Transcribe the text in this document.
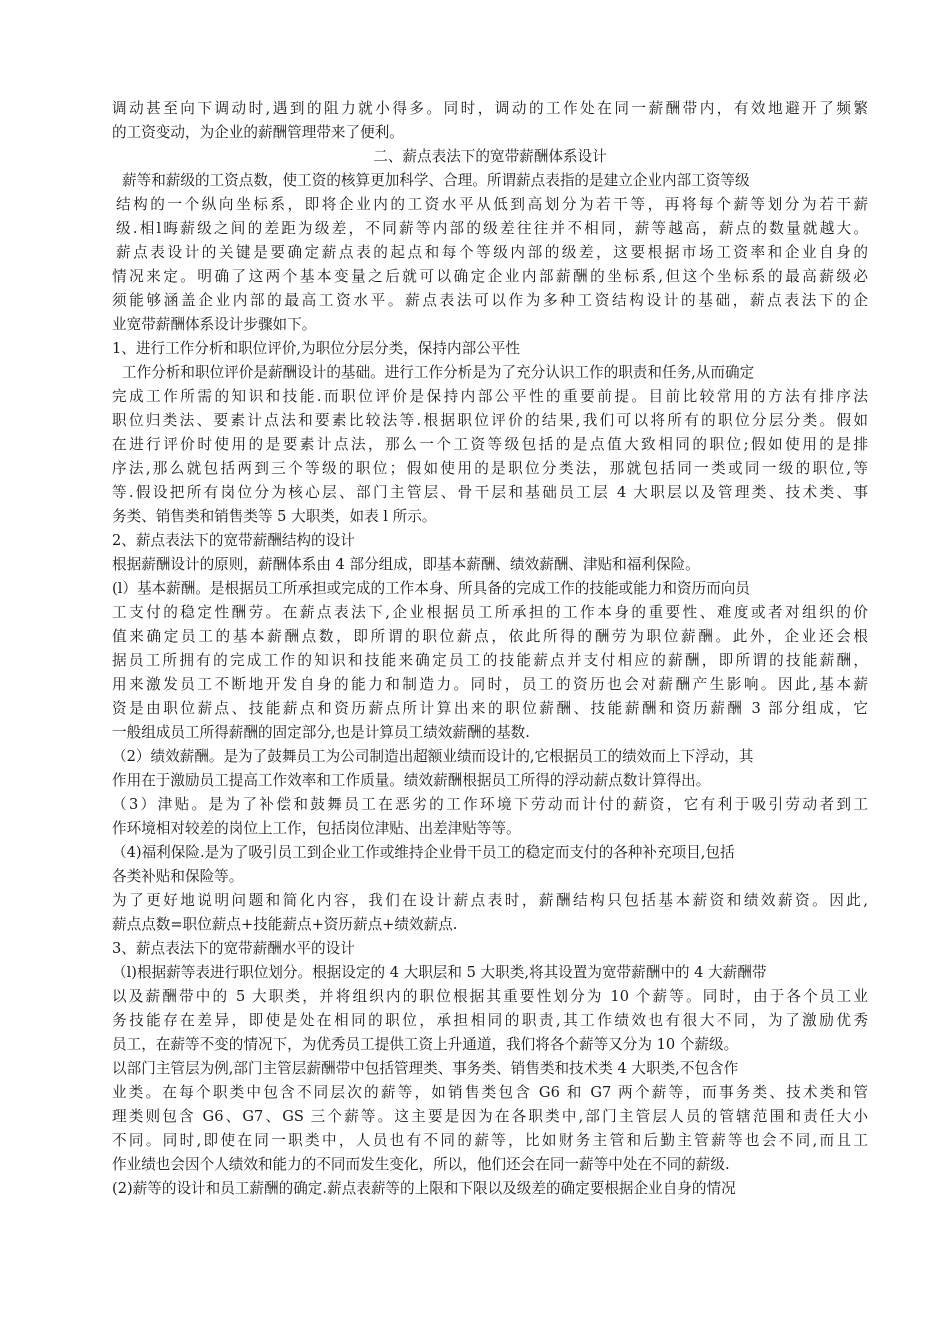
调动甚至向下调动时,遇到的阻力就小得多。同时，调动的工作处在同一薪酬带内，有效地避开了频繁
的工资变动，为企业的薪酬管理带来了便利。
二、薪点表法下的宽带薪酬体系设计
薪等和薪级的工资点数，使工资的核算更加科学、合理。所谓薪点表指的是建立企业内部工资等级
结构的一个纵向坐标系，即将企业内的工资水平从低到高划分为若干等，再将每个薪等划分为若干薪
级.相l晦薪级之间的差距为级差，不同薪等内部的级差往往并不相同，薪等越高，薪点的数量就越大。
薪点表设计的关键是要确定薪点表的起点和每个等级内部的级差，这要根据市场工资率和企业自身的
情况来定。明确了这两个基本变量之后就可以确定企业内部薪酬的坐标系,但这个坐标系的最高薪级必
须能够涵盖企业内部的最高工资水平。薪点表法可以作为多种工资结构设计的基础，薪点表法下的企
业宽带薪酬体系设计步骤如下。
1、进行工作分析和职位评价,为职位分层分类，保持内部公平性
工作分析和职位评价是薪酬设计的基础。进行工作分析是为了充分认识工作的职责和任务,从而确定
完成工作所需的知识和技能.而职位评价是保持内部公平性的重要前提。目前比较常用的方法有排序法
职位归类法、要素计点法和要素比较法等.根据职位评价的结果,我们可以将所有的职位分层分类。假如
在进行评价时使用的是要素计点法，那么一个工资等级包括的是点值大致相同的职位;假如使用的是排
序法,那么就包括两到三个等级的职位；假如使用的是职位分类法，那就包括同一类或同一级的职位,等
等.假设把所有岗位分为核心层、部门主管层、骨干层和基础员工层 4 大职层以及管理类、技术类、事
务类、销售类和销售类等 5 大职类，如表 l 所示。
2、薪点表法下的宽带薪酬结构的设计
根据薪酬设计的原则，薪酬体系由 4 部分组成，即基本薪酬、绩效薪酬、津贴和福利保险。
(l）基本薪酬。是根据员工所承担或完成的工作本身、所具备的完成工作的技能或能力和资历而向员
工支付的稳定性酬劳。在薪点表法下,企业根据员工所承担的工作本身的重要性、难度或者对组织的价
值来确定员工的基本薪酬点数，即所谓的职位薪点，依此所得的酬劳为职位薪酬。此外，企业还会根
据员工所拥有的完成工作的知识和技能来确定员工的技能薪点并支付相应的薪酬，即所谓的技能薪酬，
用来激发员工不断地开发自身的能力和制造力。同时，员工的资历也会对薪酬产生影响。因此,基本薪
资是由职位薪点、技能薪点和资历薪点所计算出来的职位薪酬、技能薪酬和资历薪酬 3 部分组成，它
一般组成员工所得薪酬的固定部分,也是计算员工绩效薪酬的基数.
（2）绩效薪酬。是为了鼓舞员工为公司制造出超额业绩而设计的,它根据员工的绩效而上下浮动，其
作用在于激励员工提高工作效率和工作质量。绩效薪酬根据员工所得的浮动薪点数计算得出。
（3）津贴。是为了补偿和鼓舞员工在恶劣的工作环境下劳动而计付的薪资，它有利于吸引劳动者到工
作环境相对较差的岗位上工作，包括岗位津贴、出差津贴等等。
（4)福利保险.是为了吸引员工到企业工作或维持企业骨干员工的稳定而支付的各种补充项目,包括
各类补贴和保险等。
为了更好地说明问题和简化内容，我们在设计薪点表时，薪酬结构只包括基本薪资和绩效薪资。因此,
薪点点数=职位薪点+技能薪点+资历薪点+绩效薪点.
3、薪点表法下的宽带薪酬水平的设计
（l)根据薪等表进行职位划分。根据设定的 4 大职层和 5 大职类,将其设置为宽带薪酬中的 4 大薪酬带
以及薪酬带中的 5 大职类，并将组织内的职位根据其重要性划分为 10 个薪等。同时，由于各个员工业
务技能存在差异，即使是处在相同的职位，承担相同的职责,其工作绩效也有很大不同，为了激励优秀
员工，在薪等不变的情况下，为优秀员工提供工资上升通道，我们将各个薪等又分为 10 个薪级。
以部门主管层为例,部门主管层薪酬带中包括管理类、事务类、销售类和技术类 4 大职类,不包含作
业类。在每个职类中包含不同层次的薪等，如销售类包含 G6 和 G7 两个薪等，而事务类、技术类和管
理类则包含 G6、G7、GS 三个薪等。这主要是因为在各职类中,部门主管层人员的管辖范围和责任大小
不同。同时,即使在同一职类中，人员也有不同的薪等，比如财务主管和后勤主管薪等也会不同,而且工
作业绩也会因个人绩效和能力的不同而发生变化，所以，他们还会在同一薪等中处在不同的薪级.
(2)薪等的设计和员工薪酬的确定.薪点表薪等的上限和下限以及级差的确定要根据企业自身的情况
